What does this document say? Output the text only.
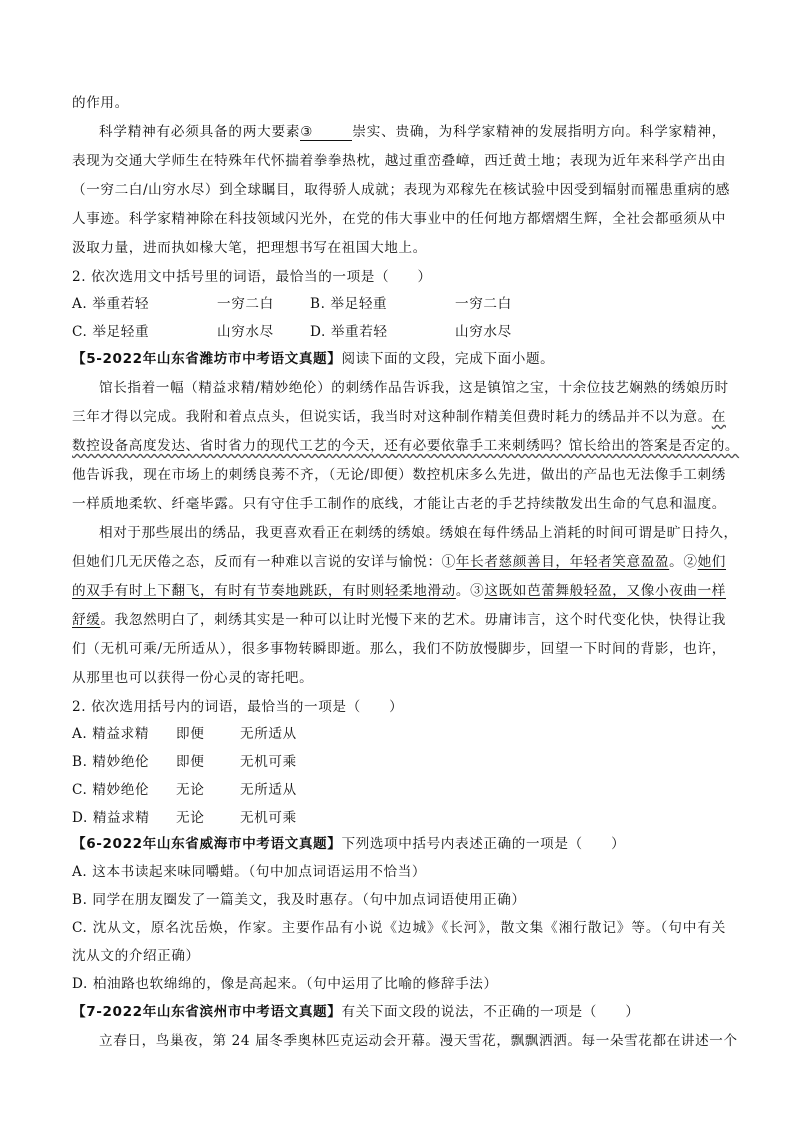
的作用。
科学精神有必须具备的两大要素③	崇实、贵确，为科学家精神的发展指明方向。科学家精神，
表现为交通大学师生在特殊年代怀揣着拳拳热枕，越过重峦叠嶂，西迁黄土地；表现为近年来科学产出由
（一穷二白/山穷水尽）到全球瞩目，取得骄人成就；表现为邓稼先在核试验中因受到辐射而罹患重病的感
人事迹。科学家精神除在科技领域闪光外，在党的伟大事业中的任何地方都熠熠生辉，全社会都亟须从中
汲取力量，进而执如椽大笔，把理想书写在祖国大地上。
2. 依次选用文中括号里的词语，最恰当的一项是（　　）
A. 举重若轻	一穷二白	B. 举足轻重	一穷二白
C. 举足轻重	山穷水尽	D. 举重若轻	山穷水尽
【5-2022年山东省潍坊市中考语文真题】阅读下面的文段，完成下面小题。
馆长指着一幅（精益求精/精妙绝伦）的刺绣作品告诉我，这是镇馆之宝，十余位技艺娴熟的绣娘历时
三年才得以完成。我附和着点点头，但说实话，我当时对这种制作精美但费时耗力的绣品并不以为意。在
数控设备高度发达、省时省力的现代工艺的今天，还有必要依靠手工来刺绣吗？馆长给出的答案是否定的。
他告诉我，现在市场上的刺绣良莠不齐，（无论/即便）数控机床多么先进，做出的产品也无法像手工刺绣
一样质地柔软、纤毫毕露。只有守住手工制作的底线，才能让古老的手艺持续散发出生命的气息和温度。
相对于那些展出的绣品，我更喜欢看正在刺绣的绣娘。绣娘在每件绣品上消耗的时间可谓是旷日持久，
但她们几无厌倦之态，反而有一种难以言说的安详与愉悦：①年长者慈颜善目，年轻者笑意盈盈。②她们
的双手有时上下翻飞，有时有节奏地跳跃，有时则轻柔地滑动。③这既如芭蕾舞般轻盈，又像小夜曲一样
舒缓。我忽然明白了，刺绣其实是一种可以让时光慢下来的艺术。毋庸讳言，这个时代变化快，快得让我
们（无机可乘/无所适从），很多事物转瞬即逝。那么，我们不防放慢脚步，回望一下时间的背影，也许，
从那里也可以获得一份心灵的寄托吧。
2. 依次选用括号内的词语，最恰当的一项是（　　）
A. 精益求精 即便	无所适从
B. 精妙绝伦 即便	无机可乘
C. 精妙绝伦 无论	无所适从
D. 精益求精 无论	无机可乘
【6-2022年山东省威海市中考语文真题】下列选项中括号内表述正确的一项是（　　）
A. 这本书读起来味同嚼蜡。（句中加点词语运用不恰当）
B. 同学在朋友圈发了一篇美文，我及时惠存。（句中加点词语使用正确）
C. 沈从文，原名沈岳焕，作家。主要作品有小说《边城》《长河》，散文集《湘行散记》等。（句中有关
沈从文的介绍正确）
D. 柏油路也软绵绵的，像是高起来。（句中运用了比喻的修辞手法）
【7-2022年山东省滨州市中考语文真题】有关下面文段的说法，不正确的一项是（　　）
立春日，鸟巢夜，第 24 届冬季奥林匹克运动会开幕。漫天雪花，飘飘洒洒。每一朵雪花都在讲述一个
